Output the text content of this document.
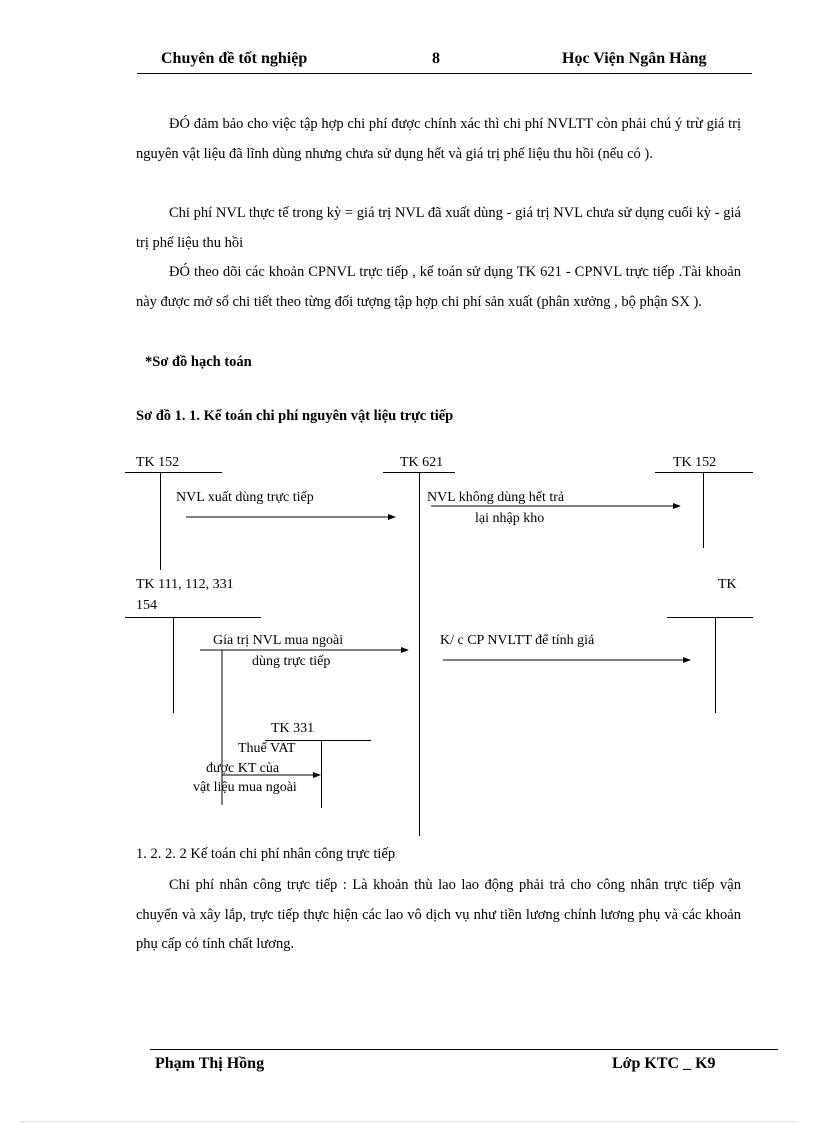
Chuyên đề tốt nghiệp	8	Học Viện Ngân Hàng
ĐÓ đảm bảo cho việc tập hợp chi phí được chính xác thì chi phí NVLTT còn phải chú ý trừ giá trị nguyên vật liệu đã lĩnh dùng nhưng chưa sử dụng hết và giá trị phế liệu thu hồi (nếu có ).
Chi phí NVL thực tế trong kỳ = giá trị NVL đã xuất dùng - giá trị NVL chưa sử dụng cuối kỳ - giá trị phế liệu thu hồi
ĐÓ theo dõi các khoản CPNVL trực tiếp , kế toán sử dụng TK 621 - CPNVL trực tiếp .Tài khoản này được mở sổ chi tiết theo từng đối tượng tập hợp chi phí sản xuất (phân xưởng , bộ phận SX ).
*Sơ đồ hạch toán
Sơ đồ 1. 1. Kế toán chi phí nguyên vật liệu trực tiếp
TK 152	TK 621	TK 152
NVL xuất dùng trực tiếp	NVL không dùng hết trả
lại nhập kho
TK 111, 112, 331
154
TK
Gía trị NVL mua ngoài
dùng trực tiếp
K/ c CP NVLTT để tính giá
TK 331
Thuế VAT
được KT của
vật liệu mua ngoài
1. 2. 2. 2 Kế toán chi phí nhân công trực tiếp
Chi phí nhân công trực tiếp : Là khoản thù lao lao động phải trả cho công nhân trực tiếp vận chuyển và xây lắp, trực tiếp thực hiện các lao vô dịch vụ như tiền lương chính lương phụ và các khoản phụ cấp có tính chất lương.
Phạm Thị Hồng	Lớp KTC _ K9
